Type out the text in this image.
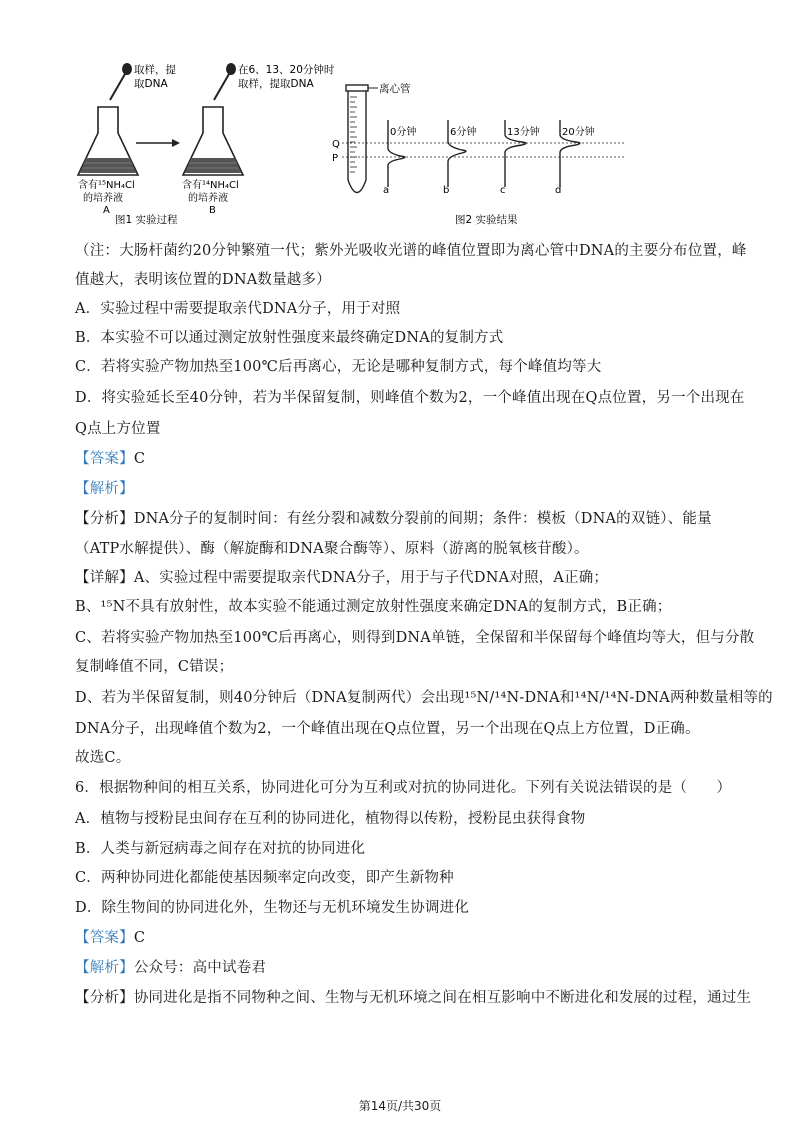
取样，提
取DNA
含有¹⁵NH₄Cl
的培养液
A
在6、13、20分钟时
取样，提取DNA
含有¹⁴NH₄Cl
的培养液
B
图1 实验过程
离心管
Q
P
0分钟
a
6分钟
b
13分钟
c
20分钟
d
图2 实验结果
（注：大肠杆菌约20分钟繁殖一代；紫外光吸收光谱的峰值位置即为离心管中DNA的主要分布位置，峰
值越大，表明该位置的DNA数量越多）
A．实验过程中需要提取亲代DNA分子，用于对照
B．本实验不可以通过测定放射性强度来最终确定DNA的复制方式
C．若将实验产物加热至100℃后再离心，无论是哪种复制方式，每个峰值均等大
D．将实验延长至40分钟，若为半保留复制，则峰值个数为2，一个峰值出现在Q点位置，另一个出现在
Q点上方位置
【答案】C
【解析】
【分析】DNA分子的复制时间：有丝分裂和减数分裂前的间期；条件：模板（DNA的双链）、能量
（ATP水解提供）、酶（解旋酶和DNA聚合酶等）、原料（游离的脱氧核苷酸）。
【详解】A、实验过程中需要提取亲代DNA分子，用于与子代DNA对照，A正确；
B、¹⁵N不具有放射性，故本实验不能通过测定放射性强度来确定DNA的复制方式，B正确；
C、若将实验产物加热至100℃后再离心，则得到DNA单链，全保留和半保留每个峰值均等大，但与分散
复制峰值不同，C错误；
D、若为半保留复制，则40分钟后（DNA复制两代）会出现¹⁵N/¹⁴N-DNA和¹⁴N/¹⁴N-DNA两种数量相等的
DNA分子，出现峰值个数为2，一个峰值出现在Q点位置，另一个出现在Q点上方位置，D正确。
故选C。
6．根据物种间的相互关系，协同进化可分为互利或对抗的协同进化。下列有关说法错误的是（　　）
A．植物与授粉昆虫间存在互利的协同进化，植物得以传粉，授粉昆虫获得食物
B．人类与新冠病毒之间存在对抗的协同进化
C．两种协同进化都能使基因频率定向改变，即产生新物种
D．除生物间的协同进化外，生物还与无机环境发生协调进化
【答案】C
【解析】公众号：高中试卷君
【分析】协同进化是指不同物种之间、生物与无机环境之间在相互影响中不断进化和发展的过程，通过生
第14页/共30页
